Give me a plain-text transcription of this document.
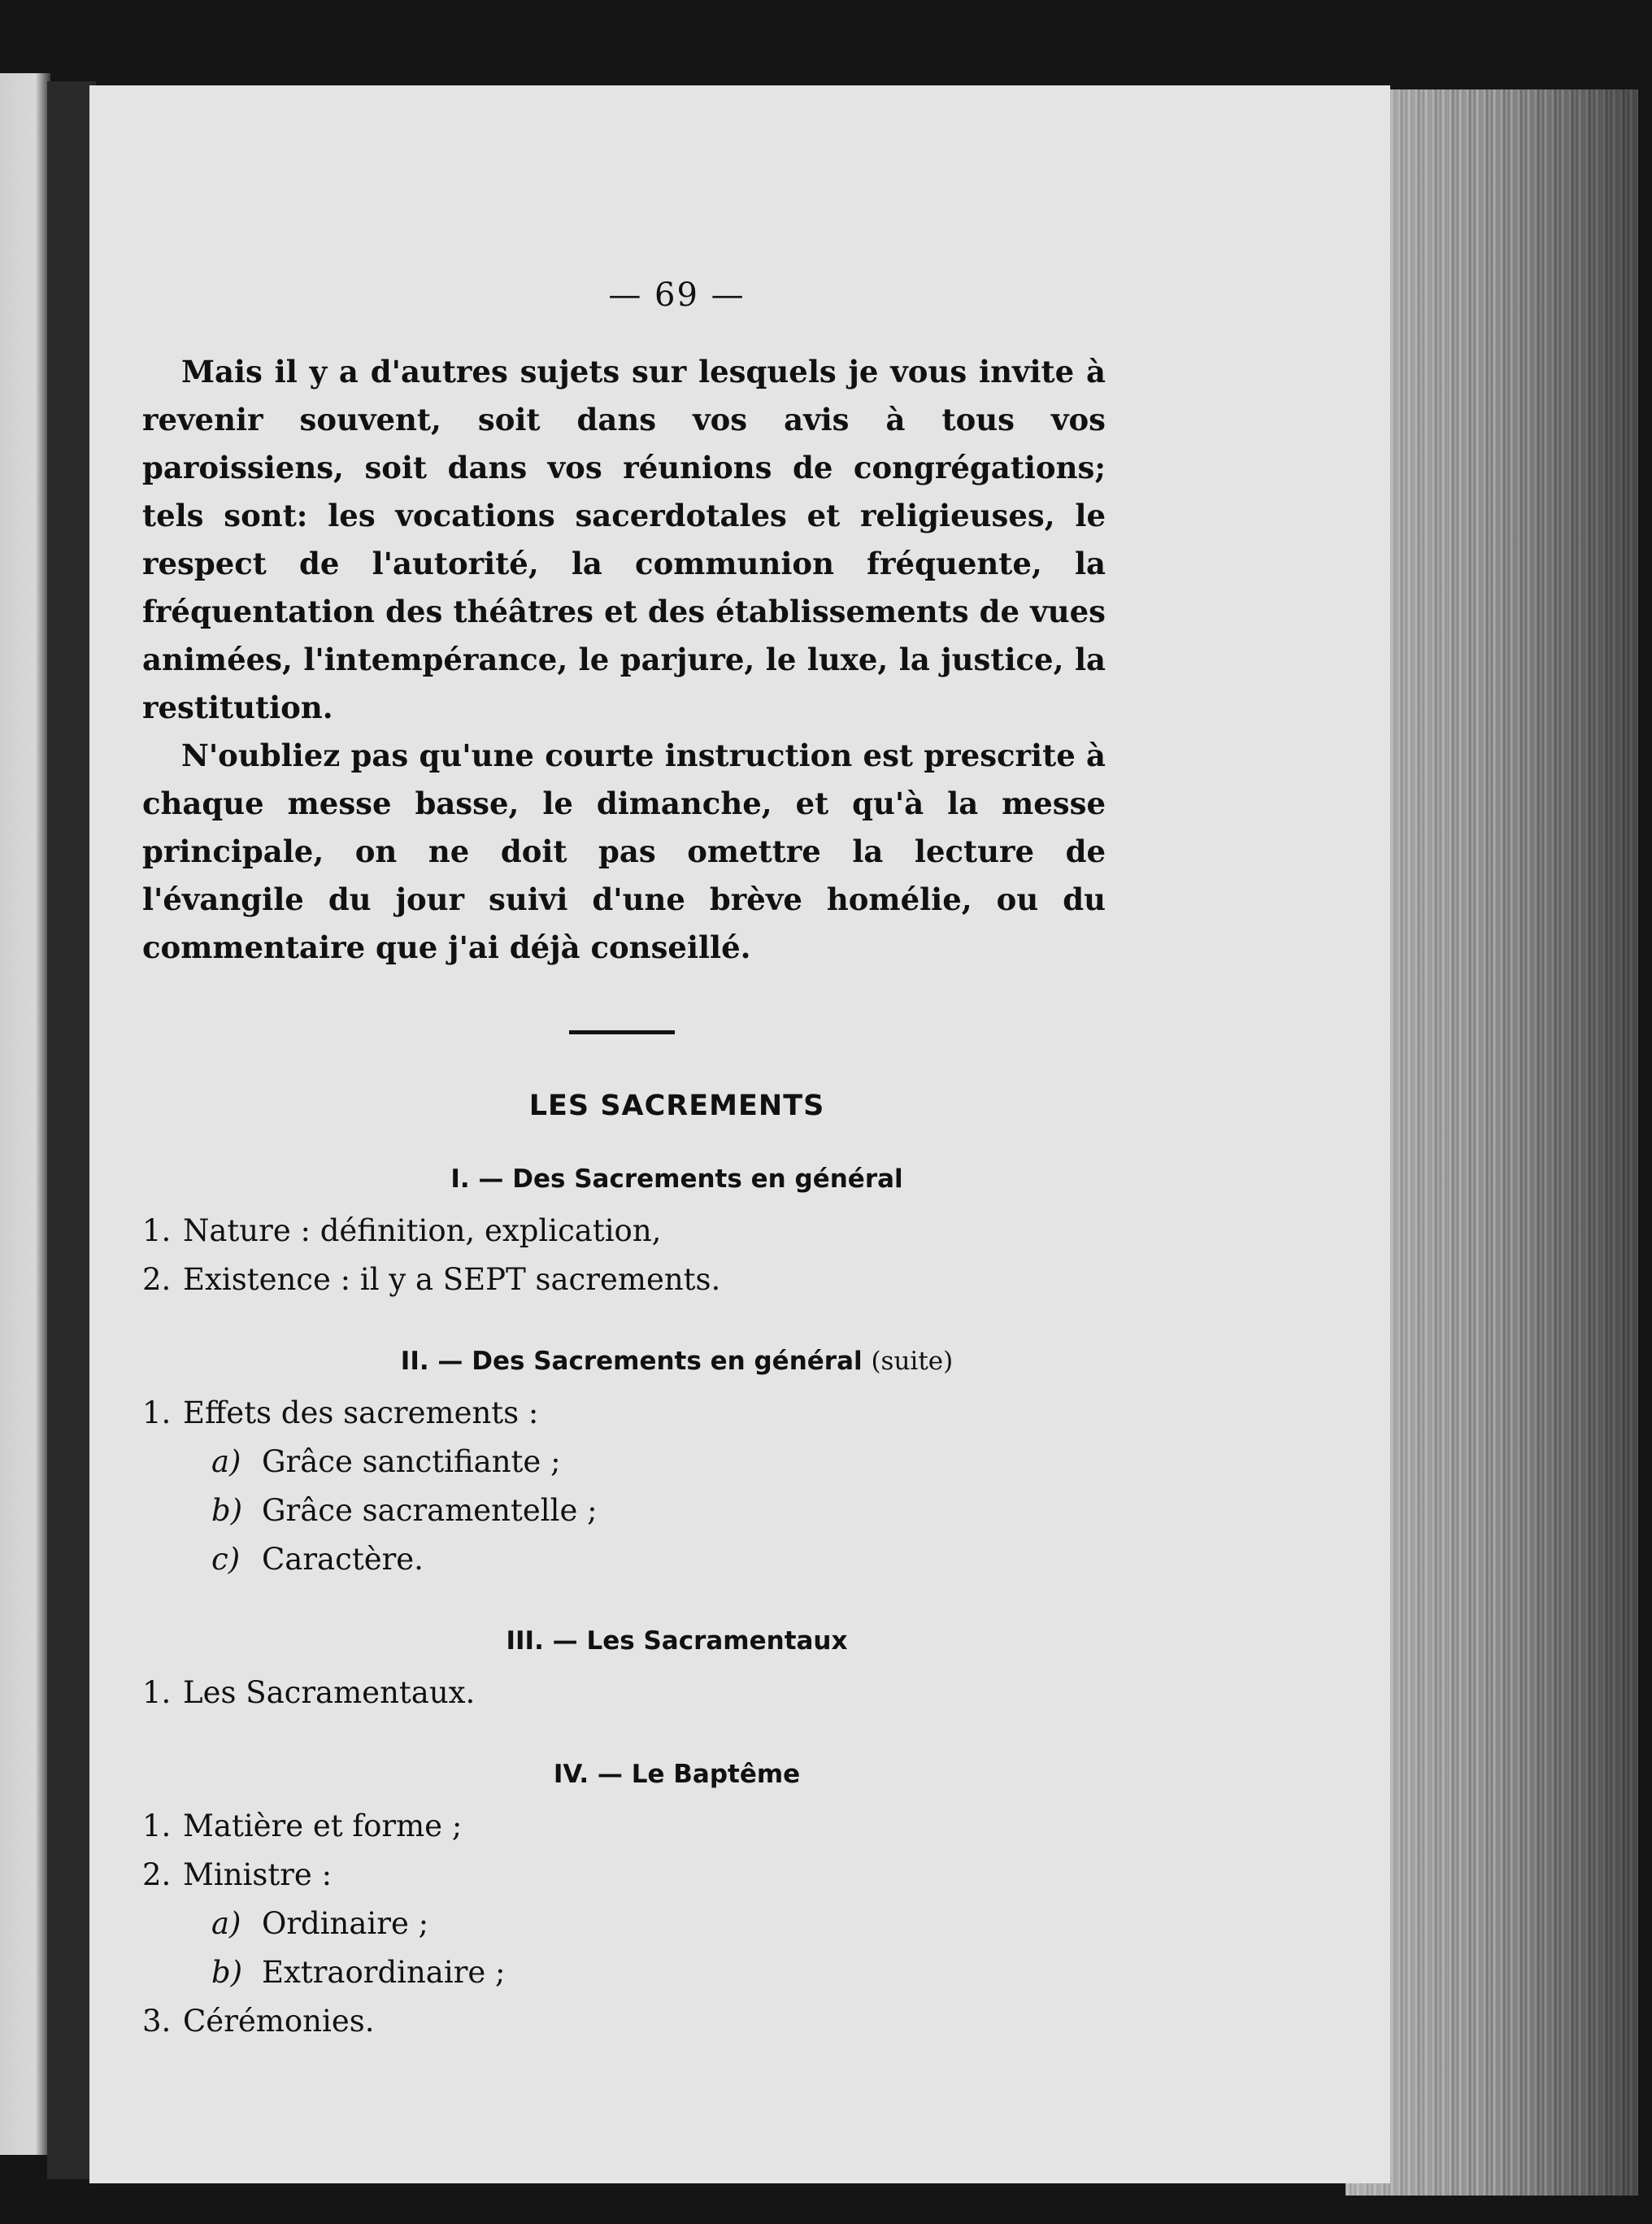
— 69 —

Mais il y a d'autres sujets sur lesquels je vous invite à revenir souvent, soit dans vos avis à tous vos paroissiens, soit dans vos réunions de congrégations; tels sont: les vocations sacerdotales et religieuses, le respect de l'autorité, la communion fréquente, la fréquentation des théâtres et des établissements de vues animées, l'intempérance, le parjure, le luxe, la justice, la restitution.

N'oubliez pas qu'une courte instruction est prescrite à chaque messe basse, le dimanche, et qu'à la messe principale, on ne doit pas omettre la lecture de l'évangile du jour suivi d'une brève homélie, ou du commentaire que j'ai déjà conseillé.

LES SACREMENTS
I. — Des Sacrements en général
1. Nature : définition, explication,
2. Existence : il y a SEPT sacrements.
II. — Des Sacrements en général (suite)
1. Effets des sacrements :
a) Grâce sanctifiante ;
b) Grâce sacramentelle ;
c) Caractère.
III. — Les Sacramentaux
1. Les Sacramentaux.
IV. — Le Baptême
1. Matière et forme ;
2. Ministre :
a) Ordinaire ;
b) Extraordinaire ;
3. Cérémonies.
